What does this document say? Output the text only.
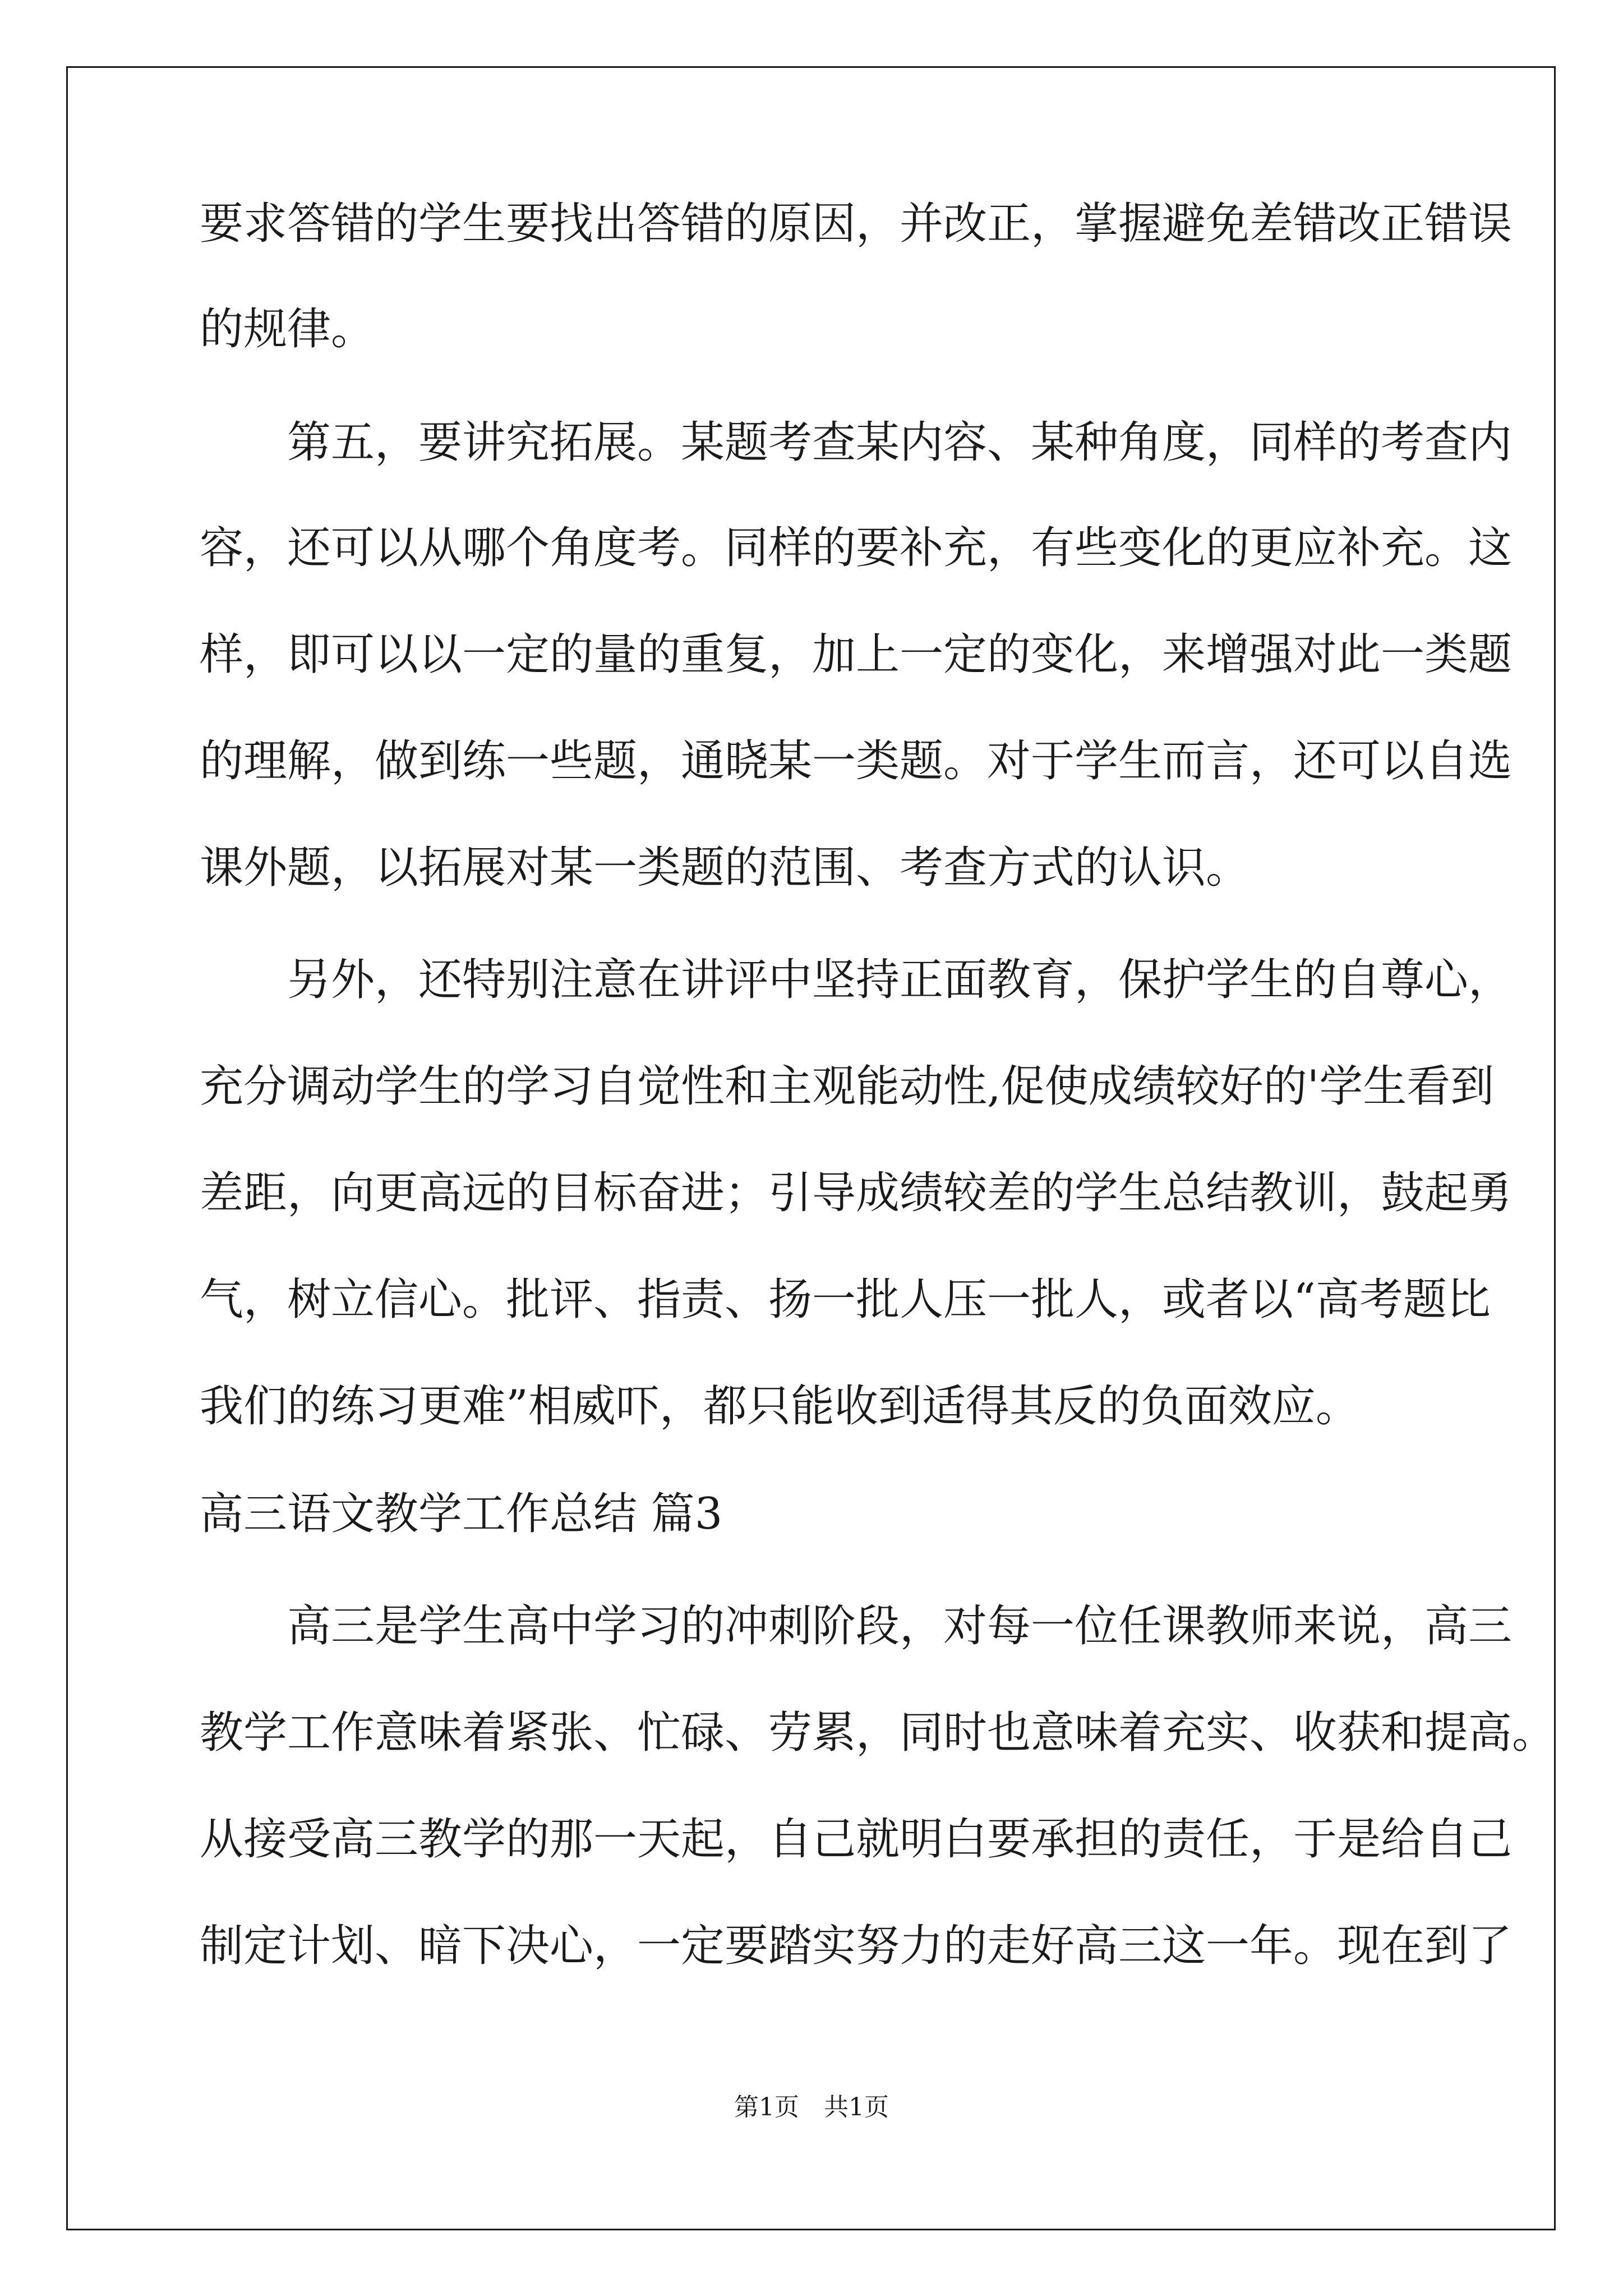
要求答错的学生要找出答错的原因，并改正，掌握避免差错改正错误
的规律。
　　第五，要讲究拓展。某题考查某内容、某种角度，同样的考查内
容，还可以从哪个角度考。同样的要补充，有些变化的更应补充。这
样，即可以以一定的量的重复，加上一定的变化，来增强对此一类题
的理解，做到练一些题，通晓某一类题。对于学生而言，还可以自选
课外题，以拓展对某一类题的范围、考查方式的认识。
　　另外，还特别注意在讲评中坚持正面教育，保护学生的自尊心，
充分调动学生的学习自觉性和主观能动性,促使成绩较好的'学生看到
差距，向更高远的目标奋进；引导成绩较差的学生总结教训，鼓起勇
气，树立信心。批评、指责、扬一批人压一批人，或者以“高考题比
我们的练习更难”相威吓，都只能收到适得其反的负面效应。
高三语文教学工作总结 篇3
　　高三是学生高中学习的冲刺阶段，对每一位任课教师来说，高三
教学工作意味着紧张、忙碌、劳累，同时也意味着充实、收获和提高。
从接受高三教学的那一天起，自己就明白要承担的责任，于是给自己
制定计划、暗下决心，一定要踏实努力的走好高三这一年。现在到了
第1页　共1页
